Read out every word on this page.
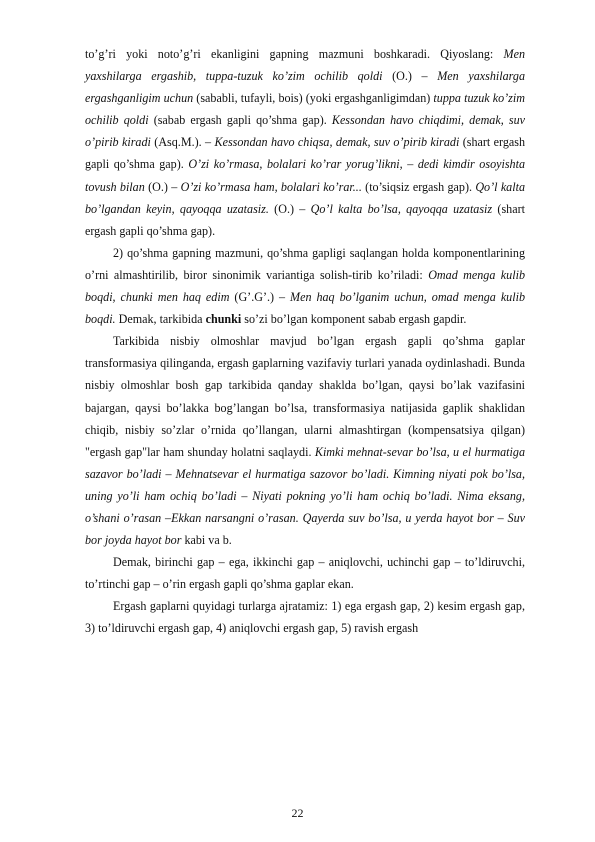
to’g’ri yoki noto’g’ri ekanligini gapning mazmuni boshkaradi. Qiyoslang: Men yaxshilarga ergashib, tuppa-tuzuk ko’zim ochilib qoldi (O.) – Men yaxshilarga ergashganligim uchun (sababli, tufayli, bois) (yoki ergashganligimdan) tuppa tuzuk ko’zim ochilib qoldi (sabab ergash gapli qo’shma gap). Kessondan havo chiqdimi, demak, suv o’pirib kiradi (Asq.M.). – Kessondan havo chiqsa, demak, suv o’pirib kiradi (shart ergash gapli qo’shma gap). O’zi ko’rmasa, bolalari ko’rar yorug’likni, – dedi kimdir osoyishta tovush bilan (O.) – O’zi ko’rmasa ham, bolalari ko’rar... (to’siqsiz ergash gap). Qo’l kalta bo’lgandan keyin, qayoqqa uzatasiz. (O.) – Qo’l kalta bo’lsa, qayoqqa uzatasiz (shart ergash gapli qo’shma gap).

2) qo’shma gapning mazmuni, qo’shma gapligi saqlangan holda komponentlarining o’rni almashtirilib, biror sinonimik variantiga solish-tirib ko’riladi: Omad menga kulib boqdi, chunki men haq edim (G’.G’.) – Men haq bo’lganim uchun, omad menga kulib boqdi. Demak, tarkibida chunki so’zi bo’lgan komponent sabab ergash gapdir.

Tarkibida nisbiy olmoshlar mavjud bo’lgan ergash gapli qo’shma gaplar transformasiya qilinganda, ergash gaplarning vazifaviy turlari yanada oydinlashadi. Bunda nisbiy olmoshlar bosh gap tarkibida qanday shaklda bo’lgan, qaysi bo’lak vazifasini bajargan, qaysi bo’lakka bog’langan bo’lsa, transformasiya natijasida gaplik shaklidan chiqib, nisbiy so’zlar o’rnida qo’llangan, ularni almashtirgan (kompensatsiya qilgan) "ergash gap"lar ham shunday holatni saqlaydi. Kimki mehnat-sevar bo’lsa, u el hurmatiga sazavor bo’ladi – Mehnatsevar el hurmatiga sazovor bo’ladi. Kimning niyati pok bo’lsa, uning yo’li ham ochiq bo’ladi – Niyati pokning yo’li ham ochiq bo’ladi. Nima eksang, o’shani o’rasan –Ekkan narsangni o’rasan. Qayerda suv bo’lsa, u yerda hayot bor – Suv bor joyda hayot bor kabi va b.

Demak, birinchi gap – ega, ikkinchi gap – aniqlovchi, uchinchi gap – to’ldiruvchi, to’rtinchi gap – o’rin ergash gapli qo’shma gaplar ekan.

Ergash gaplarni quyidagi turlarga ajratamiz: 1) ega ergash gap, 2) kesim ergash gap, 3) to’ldiruvchi ergash gap, 4) aniqlovchi ergash gap, 5) ravish ergash

22
